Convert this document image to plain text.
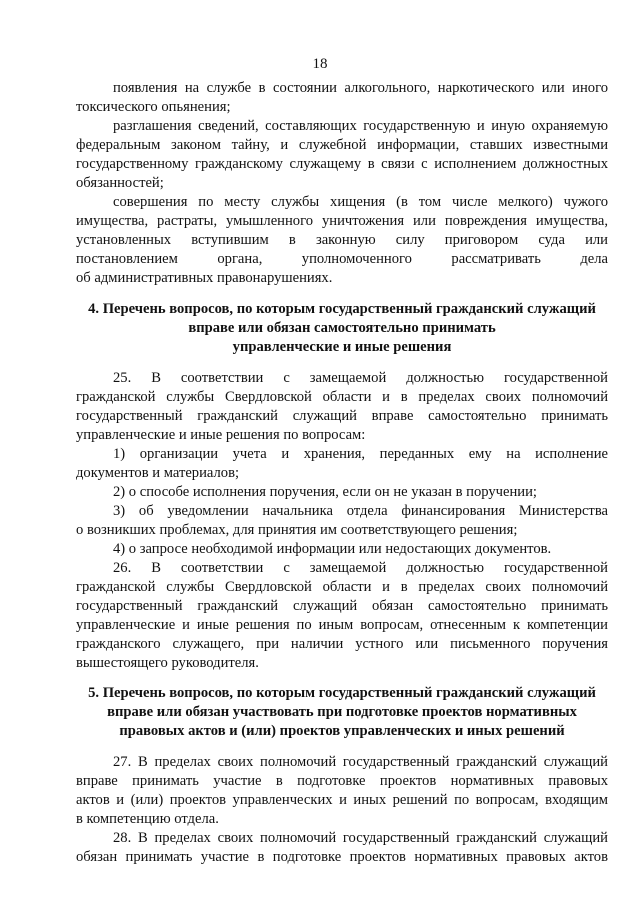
18
появления на службе в состоянии алкогольного, наркотического или иного
токсического опьянения;
разглашения сведений, составляющих государственную и иную охраняемую
федеральным законом тайну, и служебной информации, ставших известными
государственному гражданскому служащему в связи с исполнением должностных
обязанностей;
совершения по месту службы хищения (в том числе мелкого) чужого
имущества, растраты, умышленного уничтожения или повреждения имущества,
установленных вступившим в законную силу приговором суда или
постановлением органа, уполномоченного рассматривать дела
об административных правонарушениях.
4. Перечень вопросов, по которым государственный гражданский служащий
вправе или обязан самостоятельно принимать
управленческие и иные решения
25. В соответствии с замещаемой должностью государственной
гражданской службы Свердловской области и в пределах своих полномочий
государственный гражданский служащий вправе самостоятельно принимать
управленческие и иные решения по вопросам:
1) организации учета и хранения, переданных ему на исполнение
документов и материалов;
2) о способе исполнения поручения, если он не указан в поручении;
3) об уведомлении начальника отдела финансирования Министерства
о возникших проблемах, для принятия им соответствующего решения;
4) о запросе необходимой информации или недостающих документов.
26. В соответствии с замещаемой должностью государственной
гражданской службы Свердловской области и в пределах своих полномочий
государственный гражданский служащий обязан самостоятельно принимать
управленческие и иные решения по иным вопросам, отнесенным к компетенции
гражданского служащего, при наличии устного или письменного поручения
вышестоящего руководителя.
5. Перечень вопросов, по которым государственный гражданский служащий
вправе или обязан участвовать при подготовке проектов нормативных
правовых актов и (или) проектов управленческих и иных решений
27. В пределах своих полномочий государственный гражданский служащий
вправе принимать участие в подготовке проектов нормативных правовых
актов и (или) проектов управленческих и иных решений по вопросам, входящим
в компетенцию отдела.
28. В пределах своих полномочий государственный гражданский служащий
обязан принимать участие в подготовке проектов нормативных правовых актов
